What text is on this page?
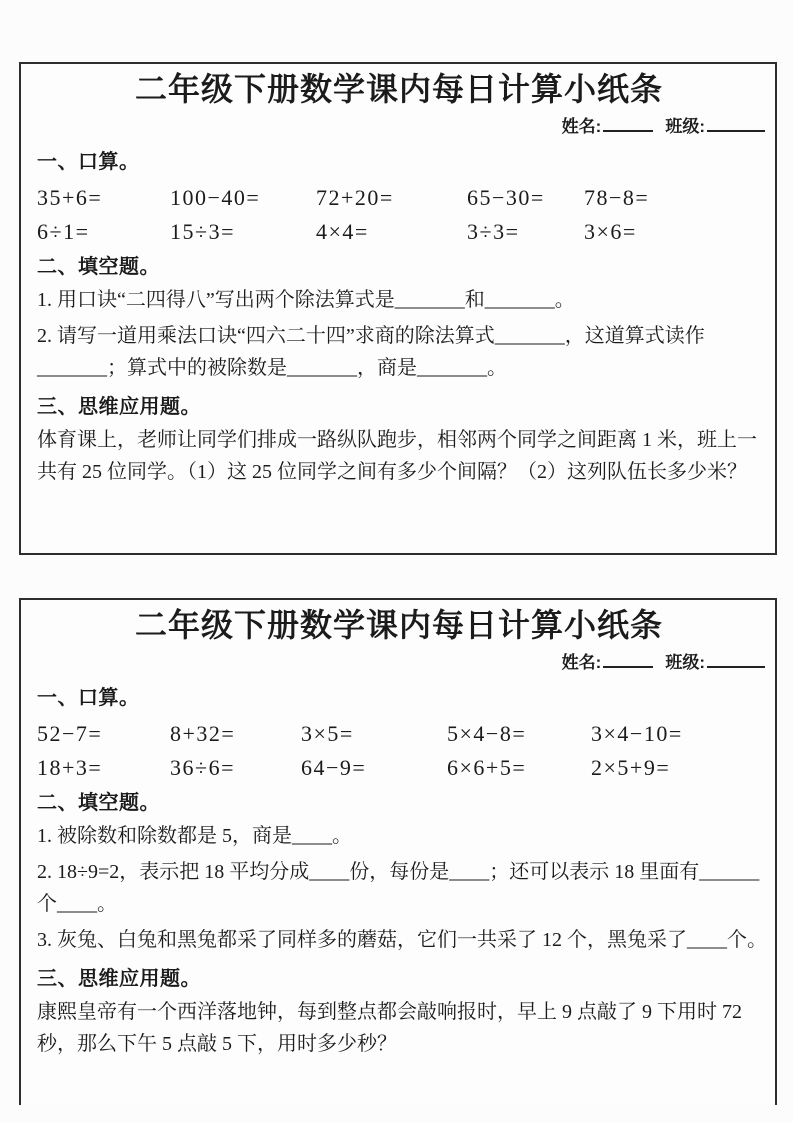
二年级下册数学课内每日计算小纸条
姓名:	班级:
一、口算。
35+6=	100−40=	72+20=	65−30=	78−8=
6÷1=	15÷3=	4×4=	3÷3=	3×6=
二、填空题。

1. 用口诀“二四得八”写出两个除法算式是_______和_______。

2. 请写一道用乘法口诀“四六二十四”求商的除法算式_______，这道算式读作_______；算式中的被除数是_______，商是_______。

三、思维应用题。

体育课上，老师让同学们排成一路纵队跑步，相邻两个同学之间距离 1 米，班上一共有 25 位同学。（1）这 25 位同学之间有多少个间隔？（2）这列队伍长多少米？

二年级下册数学课内每日计算小纸条
姓名:	班级:
一、口算。
52−7=	8+32=	3×5=	5×4−8=	3×4−10=
18+3=	36÷6=	64−9=	6×6+5=	2×5+9=
二、填空题。

1. 被除数和除数都是 5，商是____。

2. 18÷9=2，表示把 18 平均分成____份，每份是____；还可以表示 18 里面有______个____。

3. 灰兔、白兔和黑兔都采了同样多的蘑菇，它们一共采了 12 个，黑兔采了____个。

三、思维应用题。

康熙皇帝有一个西洋落地钟，每到整点都会敲响报时，早上 9 点敲了 9 下用时 72 秒，那么下午 5 点敲 5 下，用时多少秒？
